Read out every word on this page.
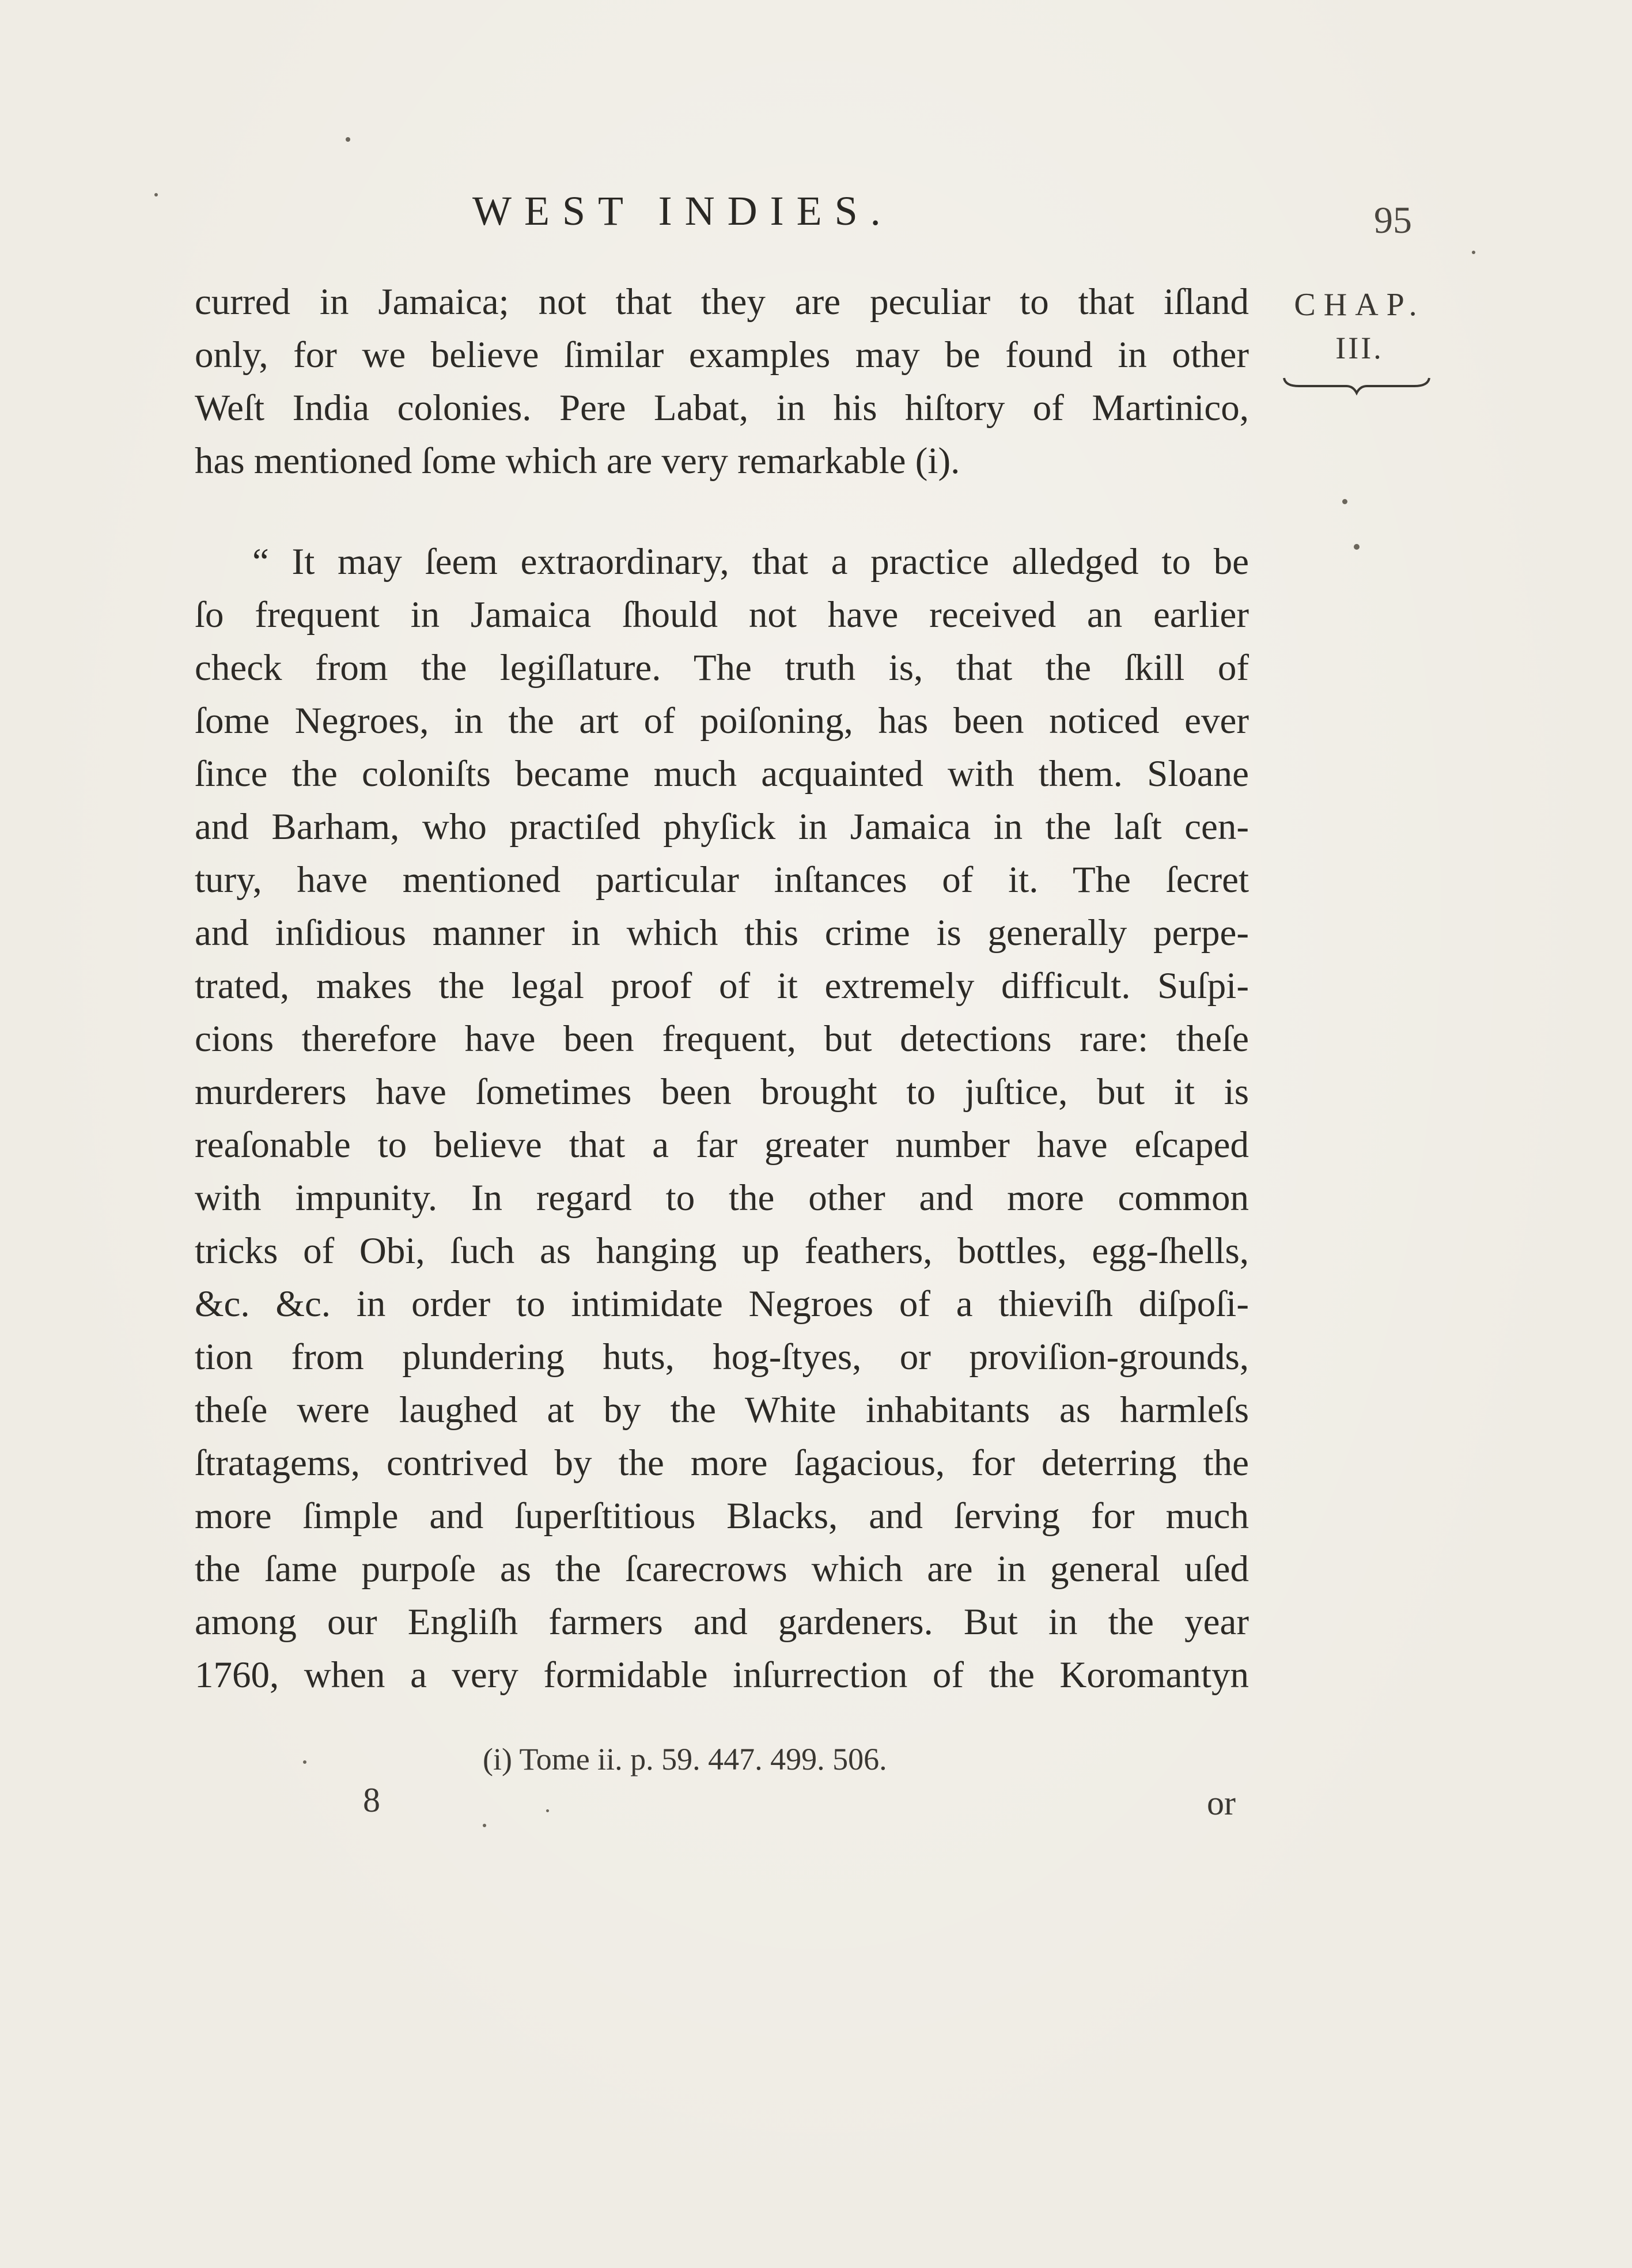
WEST INDIES.	95
CHAP.
III.
curred in Jamaica; not that they are peculiar to that iſland
only, for we believe ſimilar examples may be found in other
Weſt India colonies. Pere Labat, in his hiſtory of Martinico,
has mentioned ſome which are very remarkable (i).
“ It may ſeem extraordinary, that a practice alledged to be
ſo frequent in Jamaica ſhould not have received an earlier
check from the legiſlature. The truth is, that the ſkill of
ſome Negroes, in the art of poiſoning, has been noticed ever
ſince the coloniſts became much acquainted with them. Sloane
and Barham, who practiſed phyſick in Jamaica in the laſt cen-
tury, have mentioned particular inſtances of it. The ſecret
and inſidious manner in which this crime is generally perpe-
trated, makes the legal proof of it extremely difficult. Suſpi-
cions therefore have been frequent, but detections rare: theſe
murderers have ſometimes been brought to juſtice, but it is
reaſonable to believe that a far greater number have eſcaped
with impunity. In regard to the other and more common
tricks of Obi, ſuch as hanging up feathers, bottles, egg-ſhells,
&c. &c. in order to intimidate Negroes of a thieviſh diſpoſi-
tion from plundering huts, hog-ſtyes, or proviſion-grounds,
theſe were laughed at by the White inhabitants as harmleſs
ſtratagems, contrived by the more ſagacious, for deterring the
more ſimple and ſuperſtitious Blacks, and ſerving for much
the ſame purpoſe as the ſcarecrows which are in general uſed
among our Engliſh farmers and gardeners. But in the year
1760, when a very formidable inſurrection of the Koromantyn
(i) Tome ii. p. 59. 447. 499. 506.
8	or
